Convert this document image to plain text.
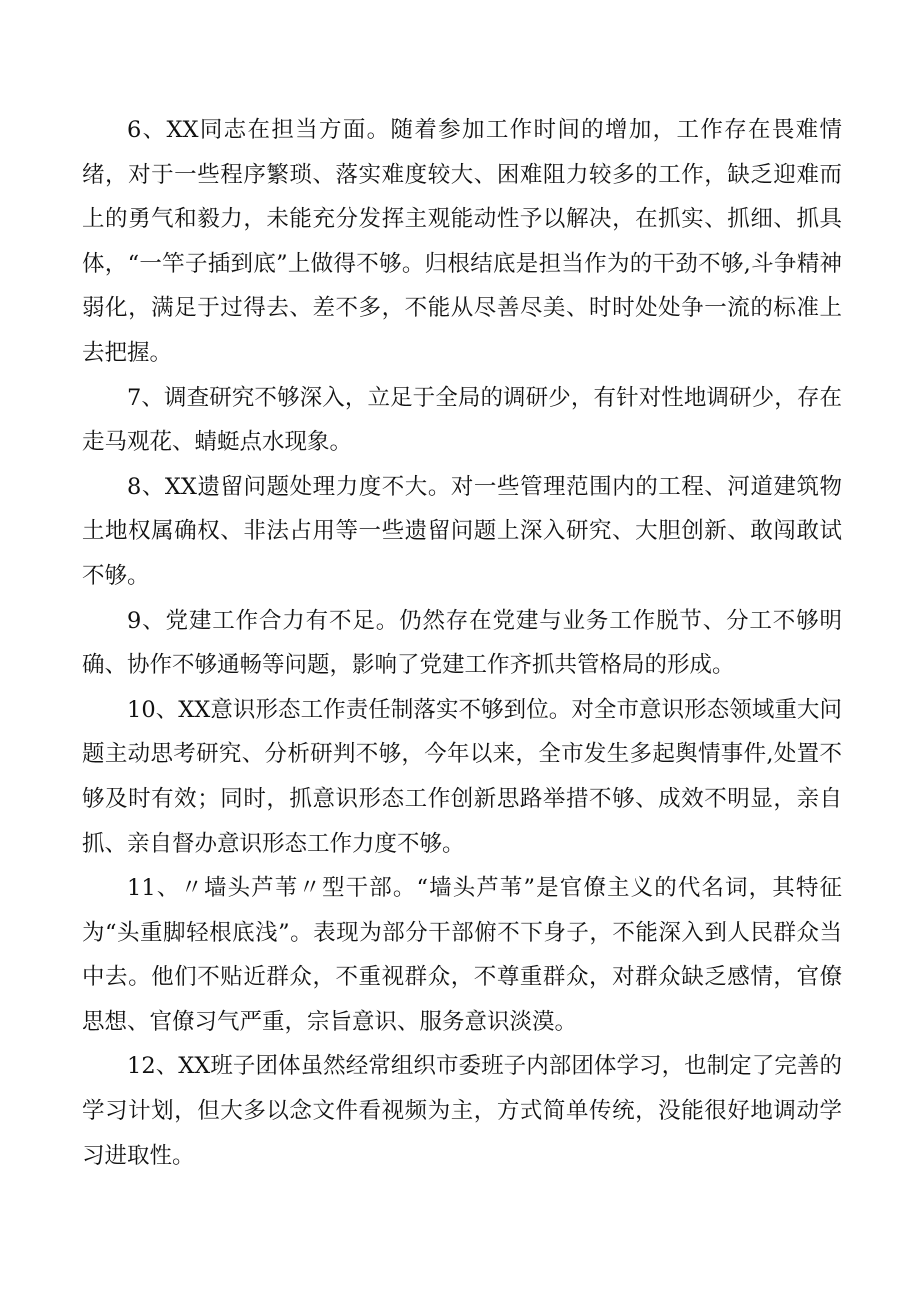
6、XX同志在担当方面。随着参加工作时间的增加，工作存在畏难情绪，对于一些程序繁琐、落实难度较大、困难阻力较多的工作，缺乏迎难而上的勇气和毅力，未能充分发挥主观能动性予以解决，在抓实、抓细、抓具体，“一竿子插到底”上做得不够。归根结底是担当作为的干劲不够,斗争精神弱化，满足于过得去、差不多，不能从尽善尽美、时时处处争一流的标准上去把握。

7、调查研究不够深入，立足于全局的调研少，有针对性地调研少，存在走马观花、蜻蜓点水现象。

8、XX遗留问题处理力度不大。对一些管理范围内的工程、河道建筑物土地权属确权、非法占用等一些遗留问题上深入研究、大胆创新、敢闯敢试不够。

9、党建工作合力有不足。仍然存在党建与业务工作脱节、分工不够明确、协作不够通畅等问题，影响了党建工作齐抓共管格局的形成。

10、XX意识形态工作责任制落实不够到位。对全市意识形态领域重大问题主动思考研究、分析研判不够，今年以来，全市发生多起舆情事件,处置不够及时有效；同时，抓意识形态工作创新思路举措不够、成效不明显，亲自抓、亲自督办意识形态工作力度不够。

11、〃墙头芦苇〃型干部。“墙头芦苇”是官僚主义的代名词，其特征为“头重脚轻根底浅”。表现为部分干部俯不下身子，不能深入到人民群众当中去。他们不贴近群众，不重视群众，不尊重群众，对群众缺乏感情，官僚思想、官僚习气严重，宗旨意识、服务意识淡漠。

12、XX班子团体虽然经常组织市委班子内部团体学习，也制定了完善的学习计划，但大多以念文件看视频为主，方式简单传统，没能很好地调动学习进取性。
